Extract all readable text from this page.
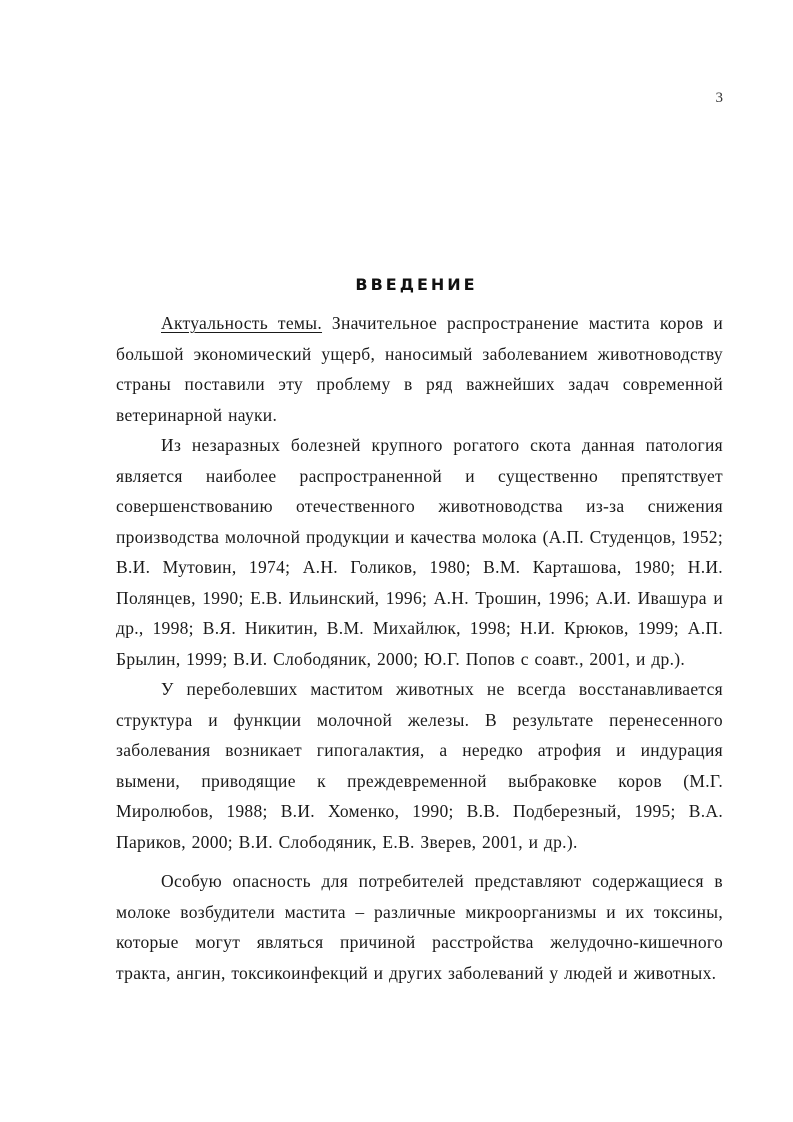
3
ВВЕДЕНИЕ

Актуальность темы. Значительное распространение мастита коров и большой экономический ущерб, наносимый заболеванием животноводству страны поставили эту проблему в ряд важнейших задач современной ветеринарной науки.

Из незаразных болезней крупного рогатого скота данная патология является наиболее распространенной и существенно препятствует совершенствованию отечественного животноводства из-за снижения производства молочной продукции и качества молока (А.П. Студенцов, 1952; В.И. Мутовин, 1974; А.Н. Голиков, 1980; В.М. Карташова, 1980; Н.И. Полянцев, 1990; Е.В. Ильинский, 1996; А.Н. Трошин, 1996; А.И. Ивашура и др., 1998; В.Я. Никитин, В.М. Михайлюк, 1998; Н.И. Крюков, 1999; А.П. Брылин, 1999; В.И. Слободяник, 2000; Ю.Г. Попов с соавт., 2001, и др.).

У переболевших маститом животных не всегда восстанавливается структура и функции молочной железы. В результате перенесенного заболевания возникает гипогалактия, а нередко атрофия и индурация вымени, приводящие к преждевременной выбраковке коров (М.Г. Миролюбов, 1988; В.И. Хоменко, 1990; В.В. Подберезный, 1995; В.А. Париков, 2000; В.И. Слободяник, Е.В. Зверев, 2001, и др.).

Особую опасность для потребителей представляют содержащиеся в молоке возбудители мастита – различные микроорганизмы и их токсины, которые могут являться причиной расстройства желудочно-кишечного тракта, ангин, токсикоинфекций и других заболеваний у людей и животных.
